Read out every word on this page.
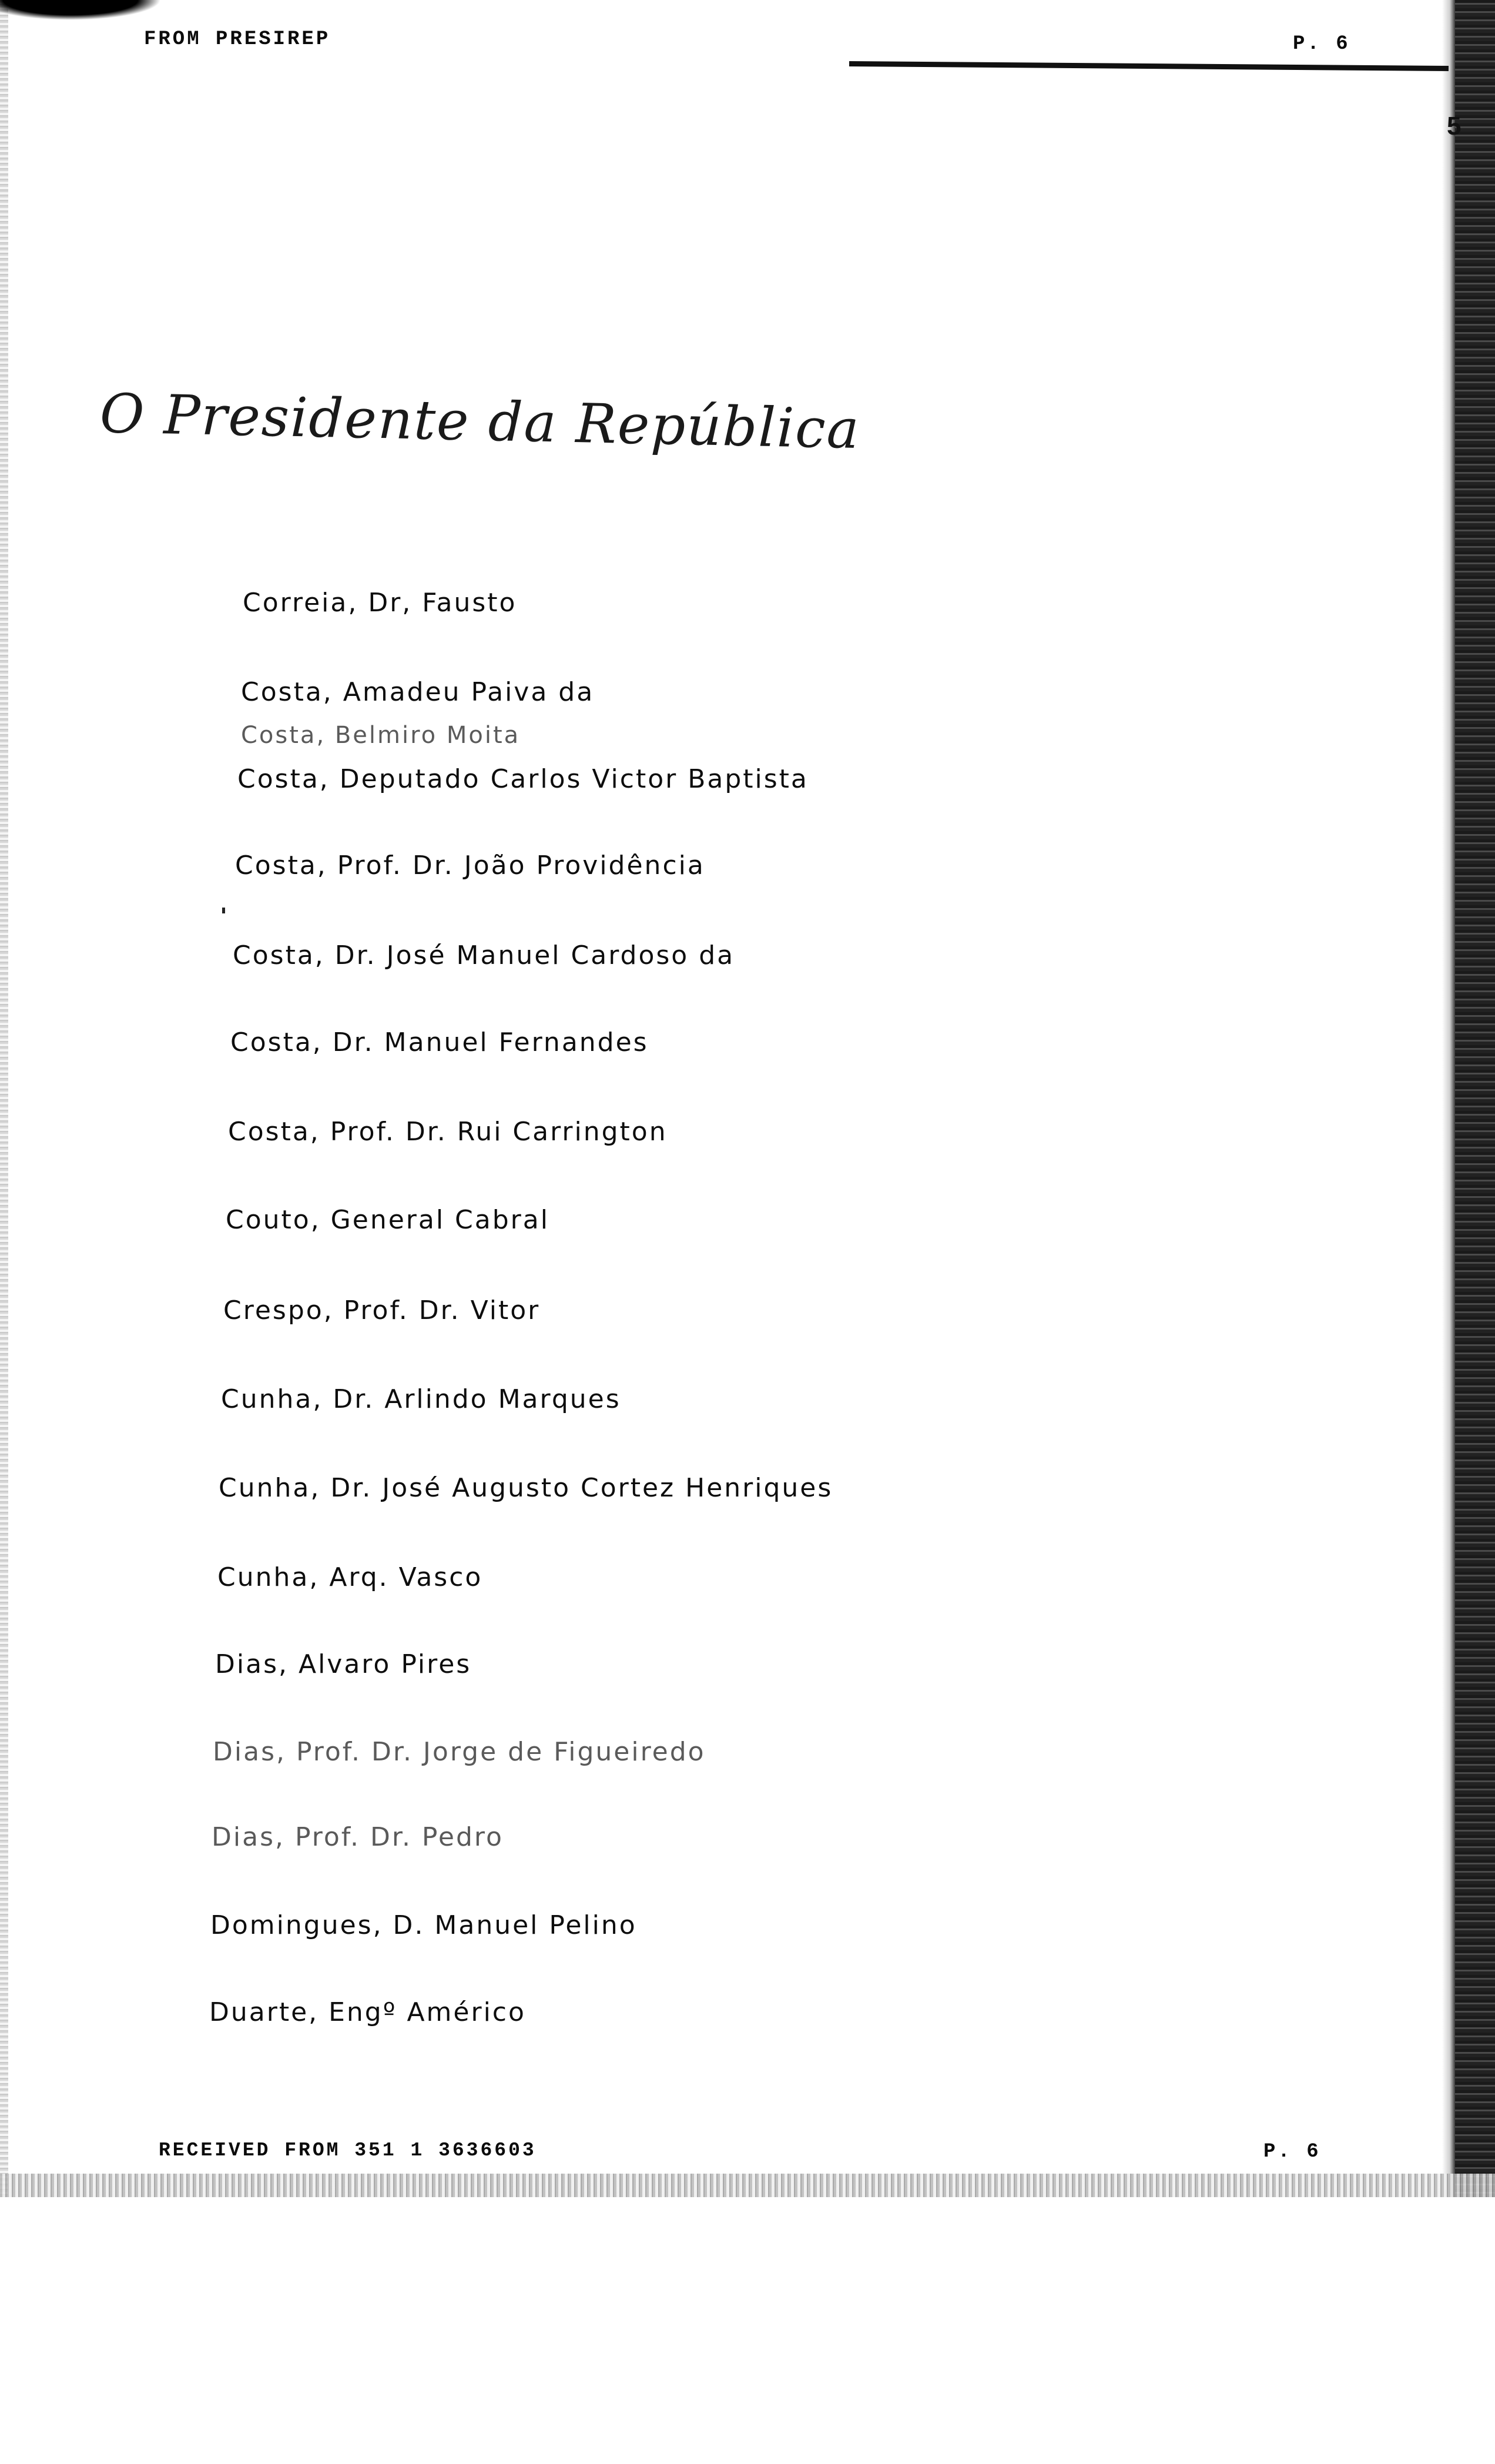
FROM PRESIREP	P. 6
5
O Presidente da República
Correia, Dr, Fausto
Costa, Amadeu Paiva da
Costa, Belmiro Moita
Costa, Deputado Carlos Victor Baptista
Costa, Prof. Dr. João Providência
Costa, Dr. José Manuel Cardoso da
Costa, Dr. Manuel Fernandes
Costa, Prof. Dr. Rui Carrington
Couto, General Cabral
Crespo, Prof. Dr. Vitor
Cunha, Dr. Arlindo Marques
Cunha, Dr. José Augusto Cortez Henriques
Cunha, Arq. Vasco
Dias, Alvaro Pires
Dias, Prof. Dr. Jorge de Figueiredo
Dias, Prof. Dr. Pedro
Domingues, D. Manuel Pelino
Duarte, Engº Américo
RECEIVED FROM 351 1 3636603	P. 6
